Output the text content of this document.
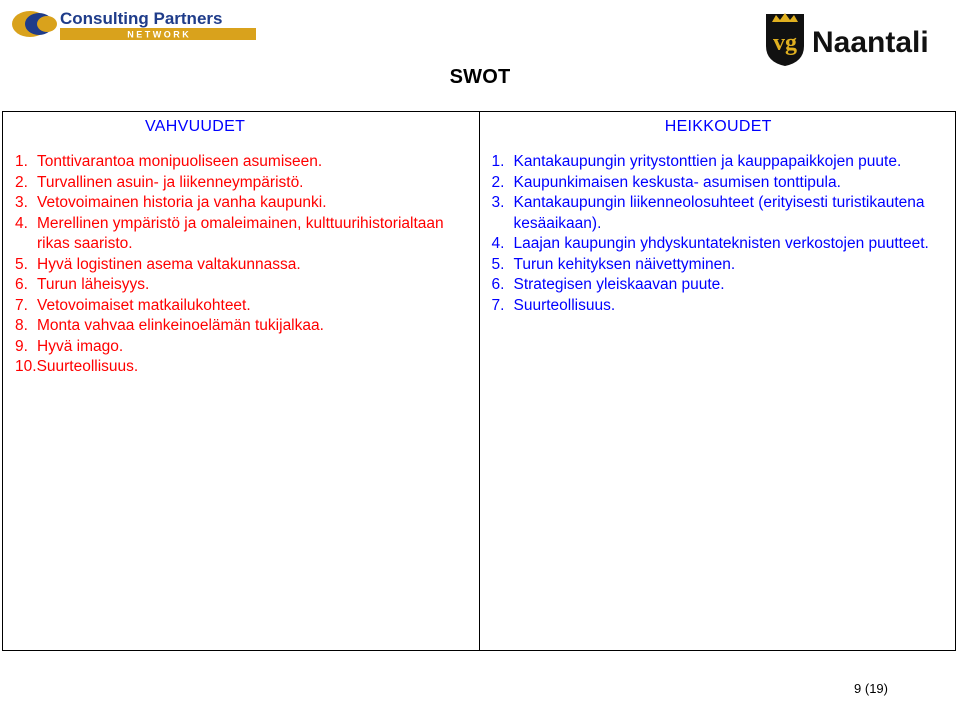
Consulting Partners
N E T W O R K	vg Naantali
SWOT
VAHVUUDET
1. Tonttivarantoa monipuoliseen asumiseen.
2. Turvallinen asuin- ja liikenneympäristö.
3. Vetovoimainen historia ja vanha kaupunki.
4. Merellinen ympäristö ja omaleimainen, kulttuurihistorialtaan rikas saaristo.
5. Hyvä logistinen asema valtakunnassa.
6. Turun läheisyys.
7. Vetovoimaiset matkailukohteet.
8. Monta vahvaa elinkeinoelämän tukijalkaa.
9. Hyvä imago.
10. Suurteollisuus.
HEIKKOUDET
1. Kantakaupungin yritystonttien ja kauppapaikkojen puute.
2. Kaupunkimaisen keskusta- asumisen tonttipula.
3. Kantakaupungin liikenneolosuhteet (erityisesti turistikautena kesäaikaan).
4. Laajan kaupungin yhdyskuntateknisten verkostojen puutteet.
5. Turun kehityksen näivettyminen.
6. Strategisen yleiskaavan puute.
7. Suurteollisuus.
9 (19)
